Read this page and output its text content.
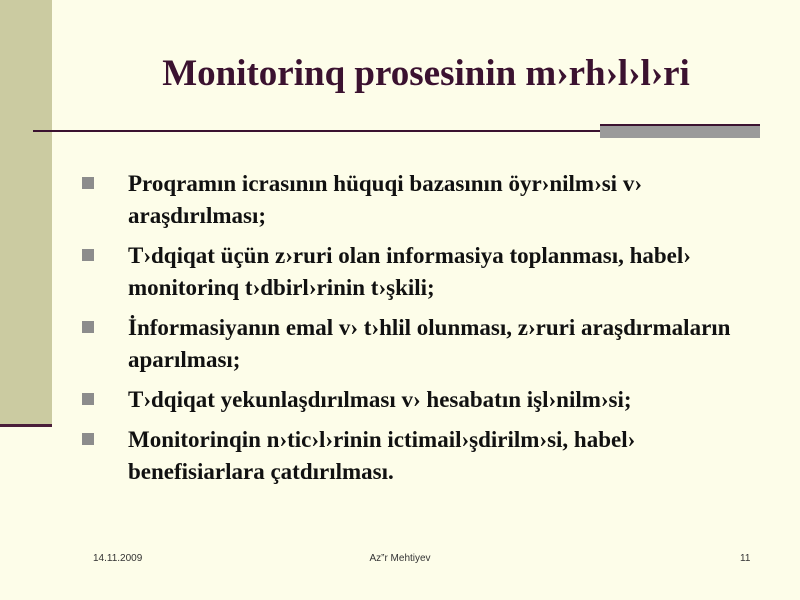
Monitorinq prosesinin m›rh›l›l›ri
Proqramın icrasının hüquqi bazasının öyr›nilm›si v› araşdırılması;
T›dqiqat üçün z›ruri olan informasiya toplanması, habel› monitorinq t›dbirl›rinin t›şkili;
İnformasiyanın emal v› t›hlil olunması, z›ruri araşdırmaların aparılması;
T›dqiqat yekunlaşdırılması v› hesabatın işl›nilm›si;
Monitorinqin n›tic›l›rinin ictimail›şdirilm›si, habel› benefisiarlara çatdırılması.
14.11.2009	Az”r Mehtiyev	11
